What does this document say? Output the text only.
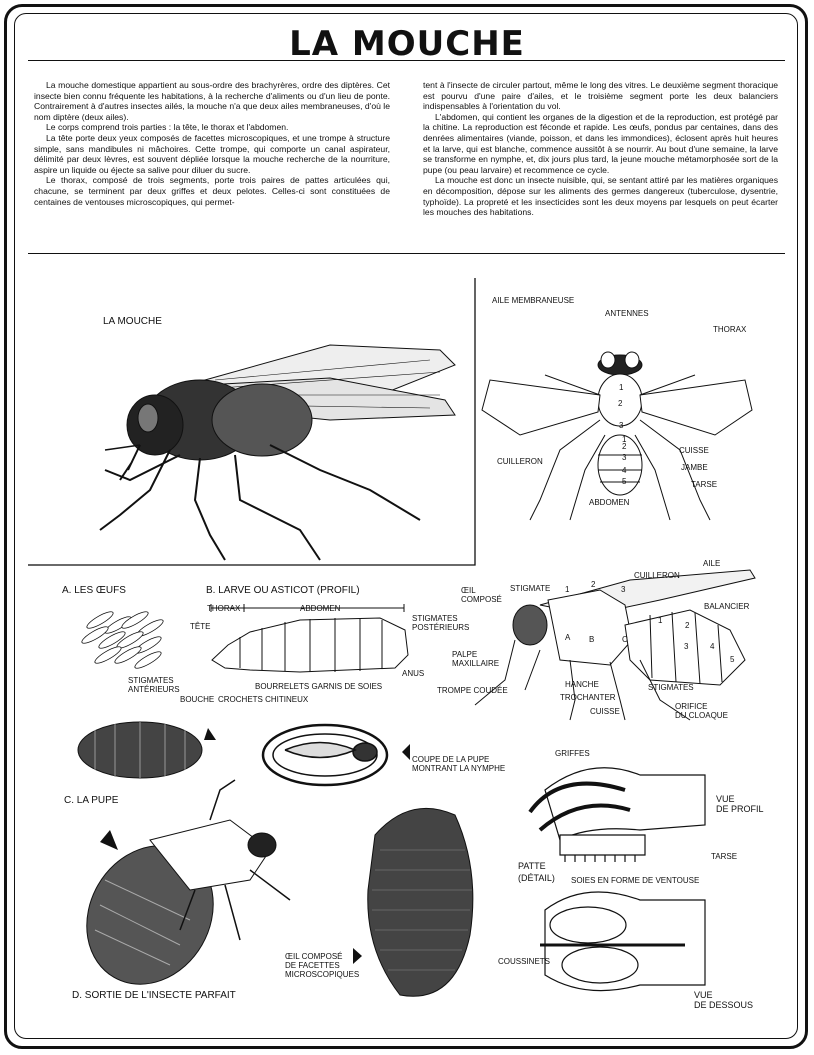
LA MOUCHE

La mouche domestique appartient au sous-ordre des brachyrères, ordre des diptères. Cet insecte bien connu fréquente les habitations, à la recherche d'aliments ou d'un lieu de ponte. Contrairement à d'autres insectes ailés, la mouche n'a que deux ailes membraneuses, d'où le nom diptère (deux ailes).

Le corps comprend trois parties : la tête, le thorax et l'abdomen.

La tête porte deux yeux composés de facettes microscopiques, et une trompe à structure simple, sans mandibules ni mâchoires. Cette trompe, qui comporte un canal aspirateur, délimité par deux lèvres, est souvent dépliée lorsque la mouche recherche de la nourriture, aspire un liquide ou éjecte sa salive pour diluer du sucre.

Le thorax, composé de trois segments, porte trois paires de pattes articulées qui, chacune, se terminent par deux griffes et deux pelotes. Celles-ci sont constituées de centaines de ventouses microscopiques, qui permet-

tent à l'insecte de circuler partout, même le long des vitres. Le deuxième segment thoracique est pourvu d'une paire d'ailes, et le troisième segment porte les deux balanciers indispensables à l'orientation du vol.

L'abdomen, qui contient les organes de la digestion et de la reproduction, est protégé par la chitine. La reproduction est féconde et rapide. Les œufs, pondus par centaines, dans des denrées alimentaires (viande, poisson, et dans les immondices), éclosent après huit heures et la larve, qui est blanche, commence aussitôt à se nourrir. Au bout d'une semaine, la larve se transforme en nymphe, et, dix jours plus tard, la jeune mouche métamorphosée sort de la pupe (ou peau larvaire) et recommence ce cycle.

La mouche est donc un insecte nuisible, qui, se sentant attiré par les matières organiques en décomposition, dépose sur les aliments des germes dangereux (tuberculose, dysentrie, typhoïde). La propreté et les insecticides sont les deux moyens par lesquels on peut écarter les mouches des habitations.

LA MOUCHE
AILE MEMBRANEUSE
ANTENNES
THORAX
CUILLERON
CUISSE
JAMBE
TARSE
ABDOMEN
1
2
3
1
2
3
4
5
A. LES ŒUFS	B. LARVE OU ASTICOT (PROFIL)
THORAX	ABDOMEN
TÊTE
STIGMATES
POSTÉRIEURS
STIGMATES
ANTÉRIEURS	BOURRELETS GARNIS DE SOIES
ANUS
BOUCHE CROCHETS CHITINEUX
AILE
CUILLERON
BALANCIER
ŒIL
COMPOSÉ
STIGMATE
PALPE
MAXILLAIRE
TROMPE COUDÉE
HANCHE
TROCHANTER
CUISSE
STIGMATES
ORIFICE
DU CLOAQUE
1
2
3
A B	C
1
2
3	4
5
C. LA PUPE
COUPE DE LA PUPE
MONTRANT LA NYMPHE
D. SORTIE DE L'INSECTE PARFAIT
ŒIL COMPOSÉ
DE FACETTES
MICROSCOPIQUES
GRIFFES
VUE
DE PROFIL
PATTE
(DÉTAIL)
TARSE
SOIES EN FORME DE VENTOUSE
COUSSINETS
VUE
DE DESSOUS
